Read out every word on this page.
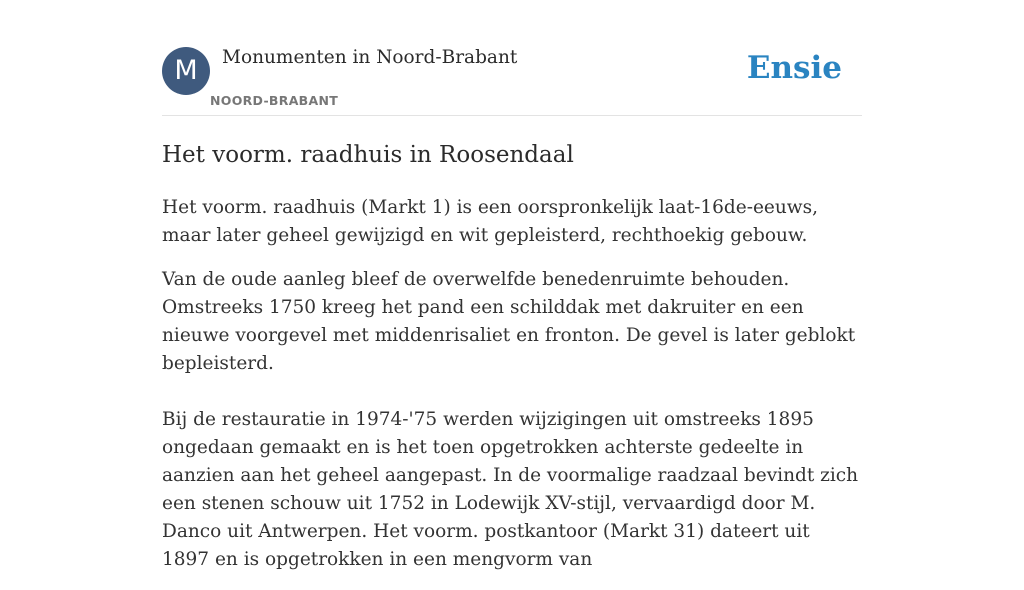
M	Monumenten in Noord-Brabant
NOORD-BRABANT
Ensie
Het voorm. raadhuis in Roosendaal

Het voorm. raadhuis (Markt 1) is een oorspronkelijk laat-16de-eeuws, maar later geheel gewijzigd en wit gepleisterd, rechthoekig gebouw.

Van de oude aanleg bleef de overwelfde benedenruimte behouden. Omstreeks 1750 kreeg het pand een schilddak met dakruiter en een nieuwe voorgevel met middenrisaliet en fronton. De gevel is later geblokt bepleisterd.

Bij de restauratie in 1974-'75 werden wijzigingen uit omstreeks 1895 ongedaan gemaakt en is het toen opgetrokken achterste gedeelte in aanzien aan het geheel aangepast. In de voormalige raadzaal bevindt zich een stenen schouw uit 1752 in Lodewijk XV-stijl, vervaardigd door M. Danco uit Antwerpen. Het voorm. postkantoor (Markt 31) dateert uit 1897 en is opgetrokken in een mengvorm van
